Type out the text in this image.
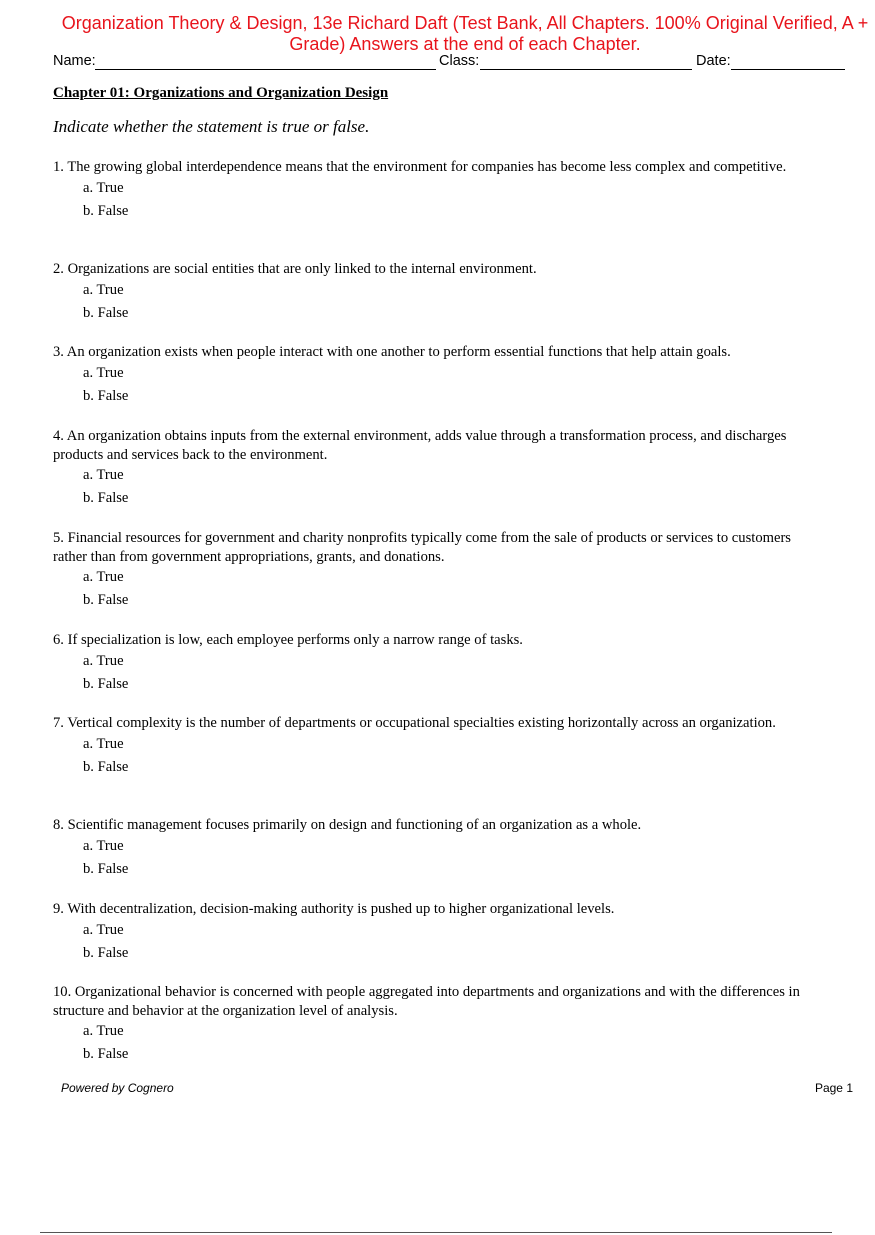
Organization Theory & Design, 13e Richard Daft (Test Bank, All Chapters. 100% Original Verified, A + Grade) Answers at the end of each Chapter.
Name:	Class:	Date:
Chapter 01: Organizations and Organization Design
Indicate whether the statement is true or false.
1. The growing global interdependence means that the environment for companies has become less complex and competitive.
a. True
b. False
2. Organizations are social entities that are only linked to the internal environment.
a. True
b. False
3. An organization exists when people interact with one another to perform essential functions that help attain goals.
a. True
b. False
4. An organization obtains inputs from the external environment, adds value through a transformation process, and discharges products and services back to the environment.
a. True
b. False
5. Financial resources for government and charity nonprofits typically come from the sale of products or services to customers rather than from government appropriations, grants, and donations.
a. True
b. False
6. If specialization is low, each employee performs only a narrow range of tasks.
a. True
b. False
7. Vertical complexity is the number of departments or occupational specialties existing horizontally across an organization.
a. True
b. False
8. Scientific management focuses primarily on design and functioning of an organization as a whole.
a. True
b. False
9. With decentralization, decision-making authority is pushed up to higher organizational levels.
a. True
b. False
10. Organizational behavior is concerned with people aggregated into departments and organizations and with the differences in structure and behavior at the organization level of analysis.
a. True
b. False
Powered by Cognero	Page 1
